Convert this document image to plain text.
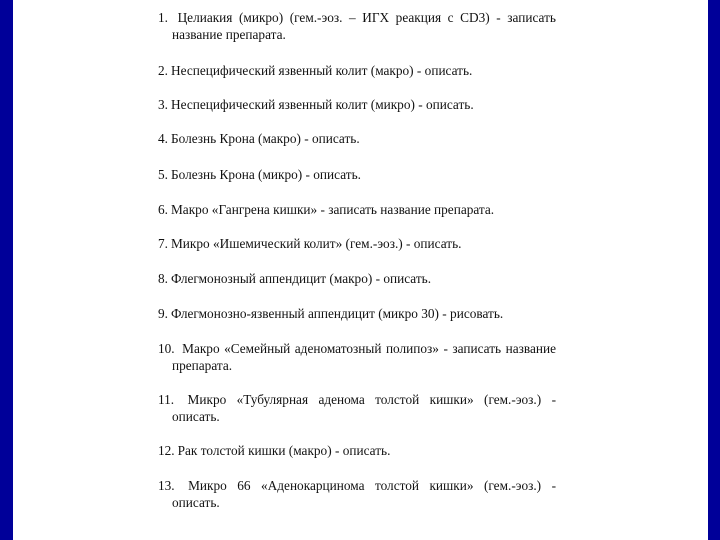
1. Целиакия (микро) (гем.-эоз. – ИГХ реакция с CD3) - записать название препарата.
2. Неспецифический язвенный колит (макро) - описать.
3. Неспецифический язвенный колит (микро) - описать.
4. Болезнь Крона (макро) - описать.
5. Болезнь Крона (микро) - описать.
6. Макро «Гангрена кишки» - записать название препарата.
7. Микро «Ишемический колит» (гем.-эоз.) - описать.
8. Флегмонозный аппендицит (макро) - описать.
9. Флегмонозно-язвенный аппендицит (микро 30) - рисовать.
10. Макро «Семейный аденоматозный полипоз» - записать название препарата.
11. Микро «Тубулярная аденома толстой кишки» (гем.-эоз.) - описать.
12. Рак толстой кишки (макро) - описать.
13. Микро 66 «Аденокарцинома толстой кишки» (гем.-эоз.) - описать.
